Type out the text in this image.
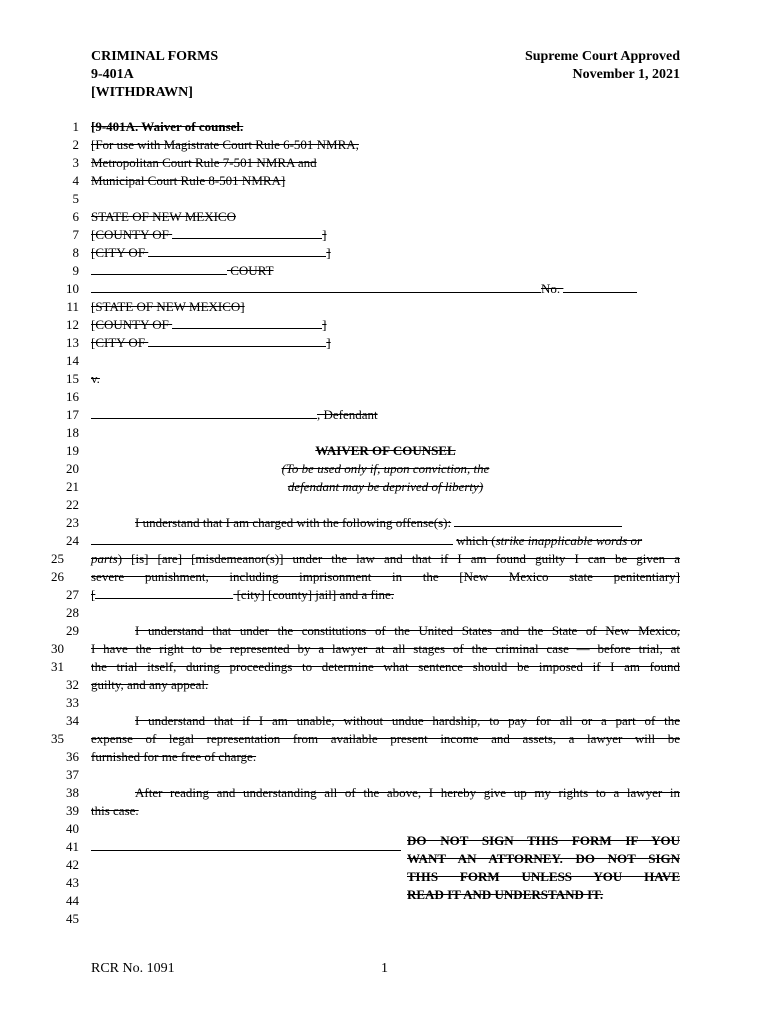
CRIMINAL FORMS
9-401A
[WITHDRAWN]
Supreme Court Approved
November 1, 2021
1 [9-401A. Waiver of counsel.
2 [For use with Magistrate Court Rule 6-501 NMRA,
3 Metropolitan Court Rule 7-501 NMRA and
4 Municipal Court Rule 8-501 NMRA]
5
6 STATE OF NEW MEXICO
7 [COUNTY OF	]
8 [CITY OF	]
9	COURT
10	No.
11 [STATE OF NEW MEXICO]
12 [COUNTY OF	]
13 [CITY OF	]
14
15 v.
16
17	, Defendant
18
19	WAIVER OF COUNSEL
20	(To be used only if, upon conviction, the
21	defendant may be deprived of liberty)
22
23	I understand that I am charged with the following offense(s):
24	which (strike inapplicable words or
25	parts) [is] [are] [misdemeanor(s)] under the law and that if I am found guilty I can be given a
26	severe punishment, including imprisonment in the [New Mexico state penitentiary]
27 [	[city] [county] jail] and a fine.
28
29	I understand that under the constitutions of the United States and the State of New Mexico,
30	I have the right to be represented by a lawyer at all stages of the criminal case — before trial, at
31	the trial itself, during proceedings to determine what sentence should be imposed if I am found
32 guilty, and any appeal.
33
34	I understand that if I am unable, without undue hardship, to pay for all or a part of the
35	expense of legal representation from available present income and assets, a lawyer will be
36 furnished for me free of charge.
37
38	After reading and understanding all of the above, I hereby give up my rights to a lawyer in
39 this case.
40
41
42
43
44
45
DO NOT SIGN THIS FORM IF YOU
WANT AN ATTORNEY. DO NOT SIGN
THIS FORM UNLESS YOU HAVE
READ IT AND UNDERSTAND IT.
RCR No. 1091	1
